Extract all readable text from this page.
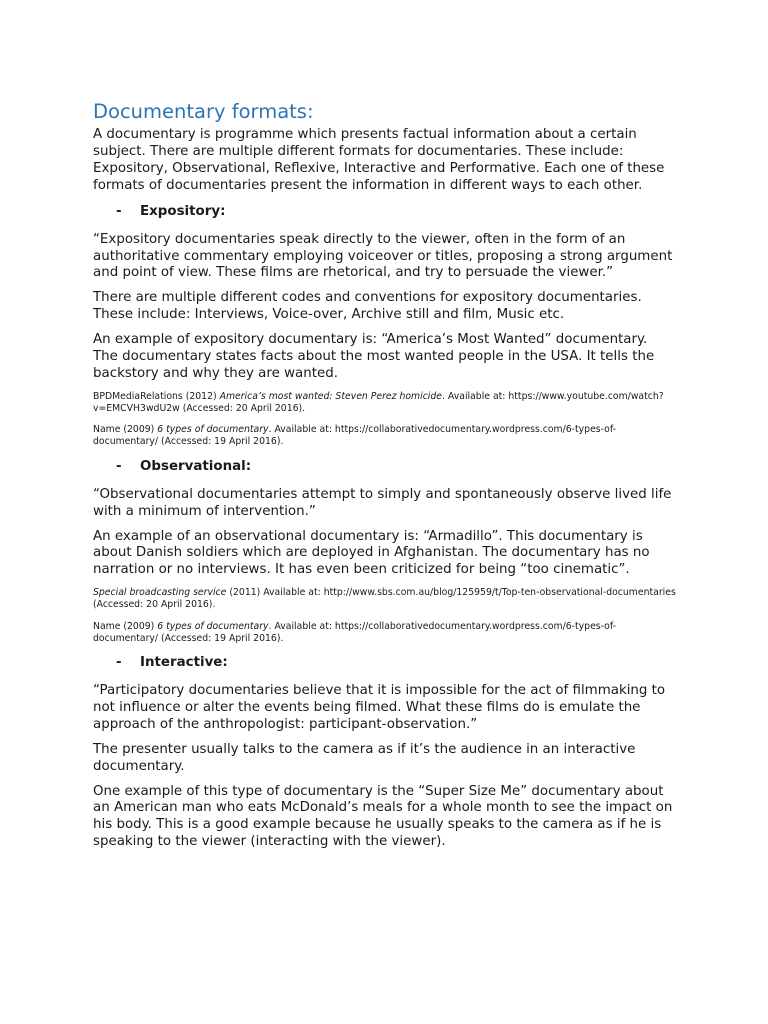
Documentary formats:

A documentary is programme which presents factual information about a certain subject. There are multiple different formats for documentaries. These include: Expository, Observational, Reflexive, Interactive and Performative. Each one of these formats of documentaries present the information in different ways to each other.

-	Expository:

“Expository documentaries speak directly to the viewer, often in the form of an authoritative commentary employing voiceover or titles, proposing a strong argument and point of view. These films are rhetorical, and try to persuade the viewer.”

There are multiple different codes and conventions for expository documentaries. These include: Interviews, Voice-over, Archive still and film, Music etc.

An example of expository documentary is: “America’s Most Wanted” documentary. The documentary states facts about the most wanted people in the USA. It tells the backstory and why they are wanted.

BPDMediaRelations (2012) America’s most wanted: Steven Perez homicide. Available at: https://www.youtube.com/watch?v=EMCVH3wdU2w (Accessed: 20 April 2016).

Name (2009) 6 types of documentary. Available at: https://collaborativedocumentary.wordpress.com/6-types-of-documentary/ (Accessed: 19 April 2016).

-	Observational:

“Observational documentaries attempt to simply and spontaneously observe lived life with a minimum of intervention.”

An example of an observational documentary is: “Armadillo”. This documentary is about Danish soldiers which are deployed in Afghanistan. The documentary has no narration or no interviews. It has even been criticized for being “too cinematic”.

Special broadcasting service (2011) Available at: http://www.sbs.com.au/blog/125959/t/Top-ten-observational-documentaries (Accessed: 20 April 2016).

Name (2009) 6 types of documentary. Available at: https://collaborativedocumentary.wordpress.com/6-types-of-documentary/ (Accessed: 19 April 2016).

-	Interactive:

“Participatory documentaries believe that it is impossible for the act of filmmaking to not influence or alter the events being filmed. What these films do is emulate the approach of the anthropologist: participant-observation.”

The presenter usually talks to the camera as if it’s the audience in an interactive documentary.

One example of this type of documentary is the “Super Size Me” documentary about an American man who eats McDonald’s meals for a whole month to see the impact on his body. This is a good example because he usually speaks to the camera as if he is speaking to the viewer (interacting with the viewer).
